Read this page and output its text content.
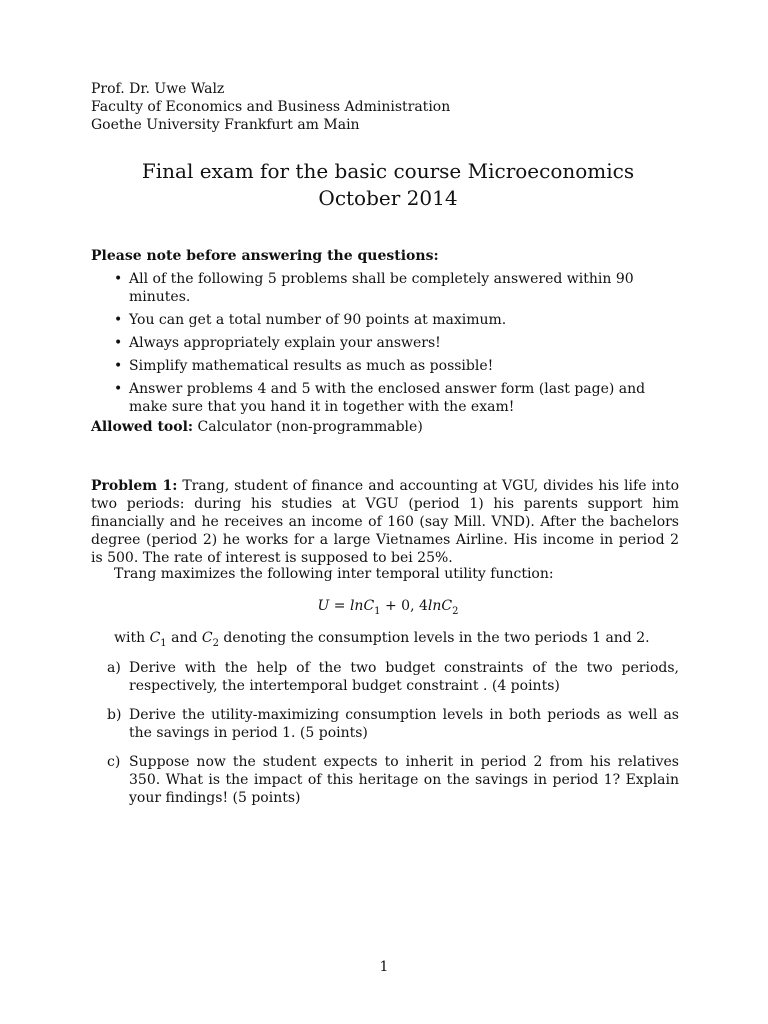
Prof. Dr. Uwe Walz
Faculty of Economics and Business Administration
Goethe University Frankfurt am Main
Final exam for the basic course Microeconomics
October 2014
Please note before answering the questions:
• All of the following 5 problems shall be completely answered within 90 minutes.
• You can get a total number of 90 points at maximum.
• Always appropriately explain your answers!
• Simplify mathematical results as much as possible!
• Answer problems 4 and 5 with the enclosed answer form (last page) and make sure that you hand it in together with the exam!
Allowed tool: Calculator (non-programmable)
Problem 1: Trang, student of finance and accounting at VGU, divides his life into two periods: during his studies at VGU (period 1) his parents support him financially and he receives an income of 160 (say Mill. VND). After the bachelors degree (period 2) he works for a large Vietnames Airline. His income in period 2 is 500. The rate of interest is supposed to bei 25%.
Trang maximizes the following inter temporal utility function:
U = lnC$_1$ + 0, 4lnC$_2$
with $C_1$ and $C_2$ denoting the consumption levels in the two periods 1 and 2.
a) Derive with the help of the two budget constraints of the two periods, respectively, the intertemporal budget constraint . (4 points)
b) Derive the utility-maximizing consumption levels in both periods as well as the savings in period 1. (5 points)
c) Suppose now the student expects to inherit in period 2 from his relatives 350. What is the impact of this heritage on the savings in period 1? Explain your findings! (5 points)
1
